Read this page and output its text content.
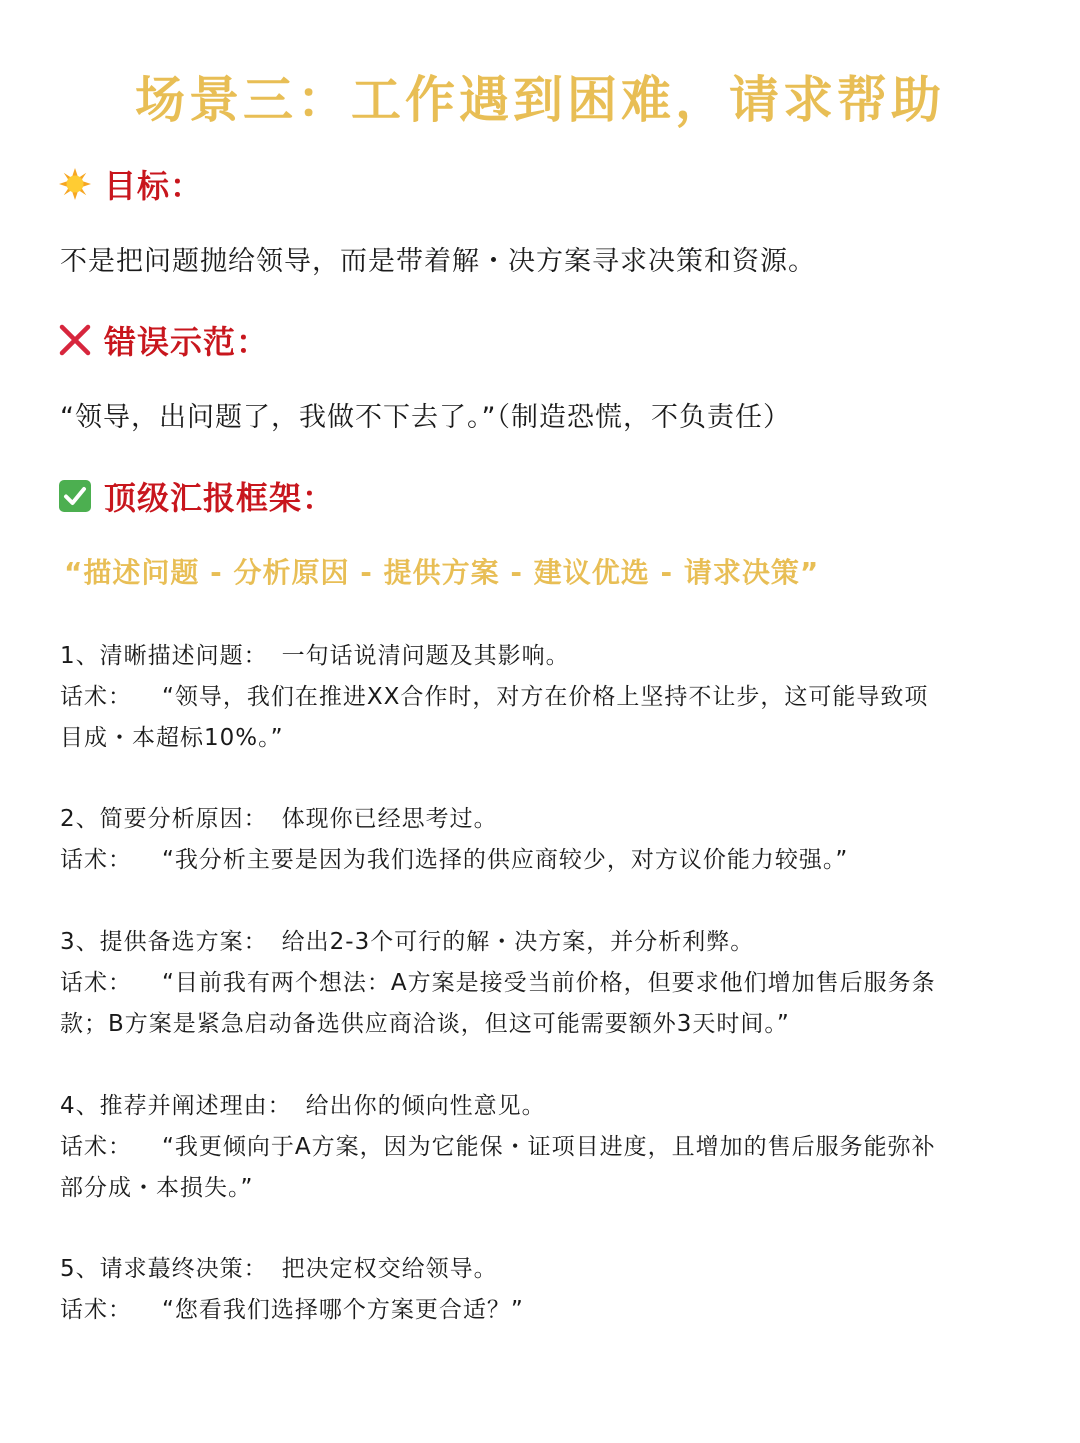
场景三：工作遇到困难，请求帮助
目标：
不是把问题抛给领导，而是带着解・决方案寻求决策和资源。
错误示范：
“领导，出问题了，我做不下去了。”（制造恐慌，不负责任）
顶级汇报框架：
“描述问题 - 分析原因 - 提供方案 - 建议优选 - 请求决策”
1、清晰描述问题： 一句话说清问题及其影响。
话术： “领导，我们在推进XX合作时，对方在价格上坚持不让步，这可能导致项
目成・本超标10%。”
2、简要分析原因： 体现你已经思考过。
话术： “我分析主要是因为我们选择的供应商较少，对方议价能力较强。”
3、提供备选方案： 给出2-3个可行的解・决方案，并分析利弊。
话术： “目前我有两个想法：A方案是接受当前价格，但要求他们增加售后服务条
款；B方案是紧急启动备选供应商洽谈，但这可能需要额外3天时间。”
4、推荐并阐述理由： 给出你的倾向性意见。
话术： “我更倾向于A方案，因为它能保・证项目进度，且增加的售后服务能弥补
部分成・本损失。”
5、请求蕞终决策： 把决定权交给领导。
话术： “您看我们选择哪个方案更合适？”
